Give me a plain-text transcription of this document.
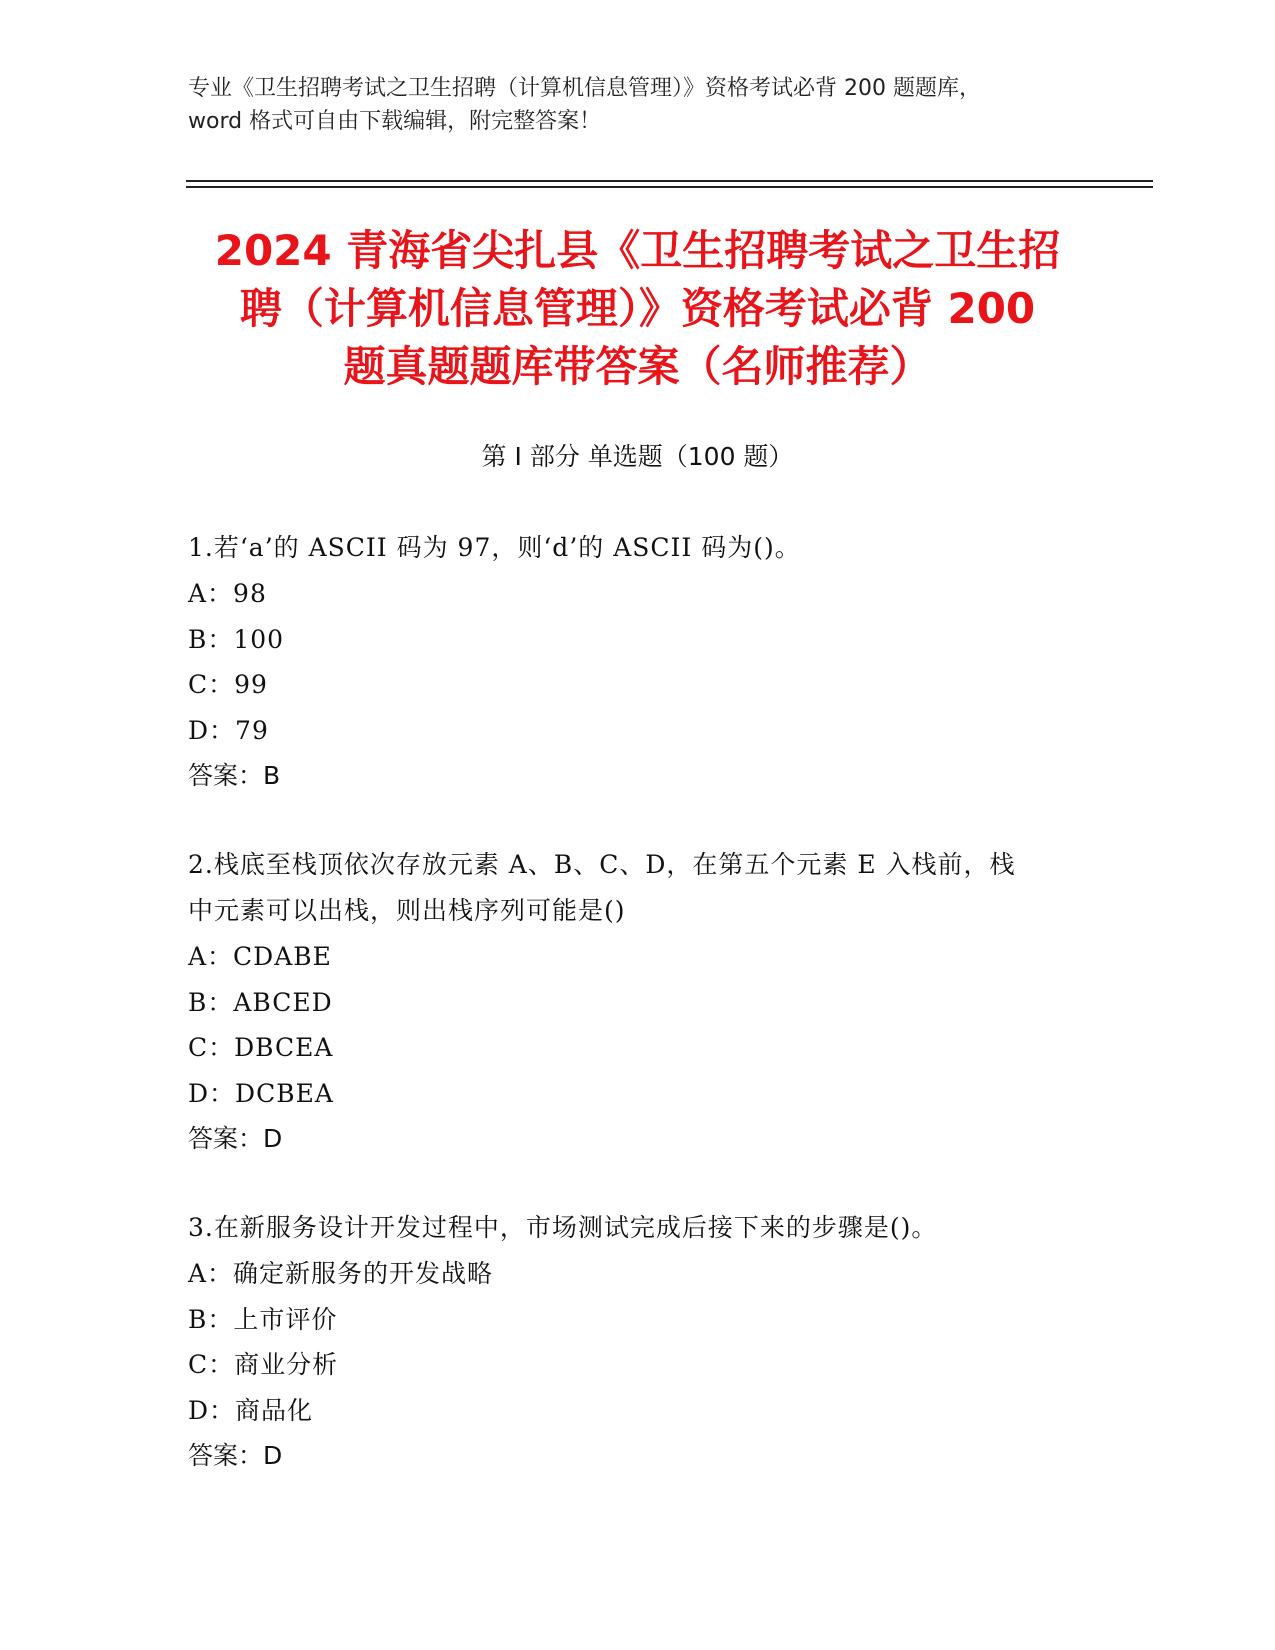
专业《卫生招聘考试之卫生招聘（计算机信息管理）》资格考试必背 200 题题库，
word 格式可自由下载编辑，附完整答案！
2024 青海省尖扎县《卫生招聘考试之卫生招
聘（计算机信息管理）》资格考试必背 200
题真题题库带答案（名师推荐）
第 I 部分 单选题（100 题）
1.若‘a’的 ASCII 码为 97，则‘d’的 ASCII 码为()。
A：98
B：100
C：99
D：79
答案：B
2.栈底至栈顶依次存放元素 A、B、C、D，在第五个元素 E 入栈前，栈
中元素可以出栈，则出栈序列可能是()
A：CDABE
B：ABCED
C：DBCEA
D：DCBEA
答案：D
3.在新服务设计开发过程中，市场测试完成后接下来的步骤是()。
A：确定新服务的开发战略
B：上市评价
C：商业分析
D：商品化
答案：D
